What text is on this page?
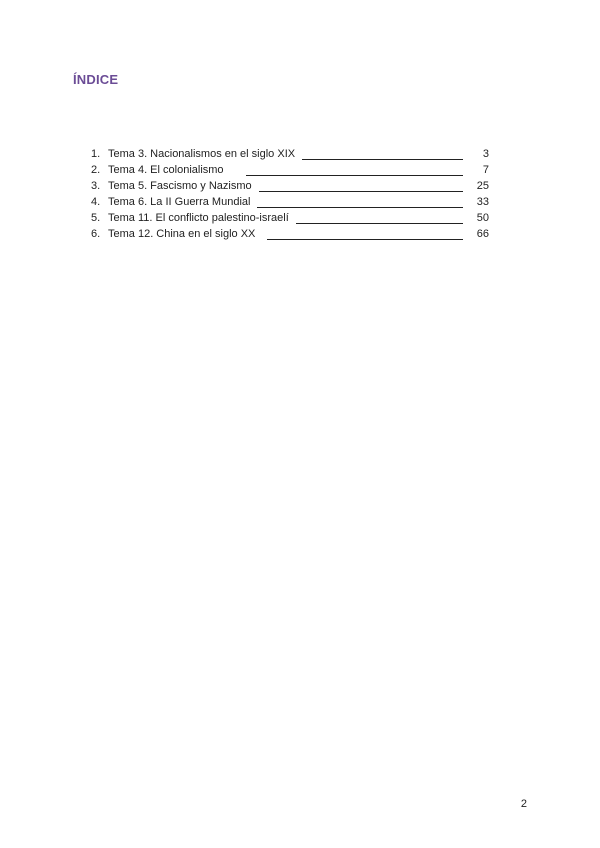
ÍNDICE
1. Tema 3. Nacionalismos en el siglo XIX	3
2. Tema 4. El colonialismo	7
3. Tema 5. Fascismo y Nazismo	25
4. Tema 6. La II Guerra Mundial	33
5. Tema 11. El conflicto palestino-israelí	50
6. Tema 12. China en el siglo XX	66
2
